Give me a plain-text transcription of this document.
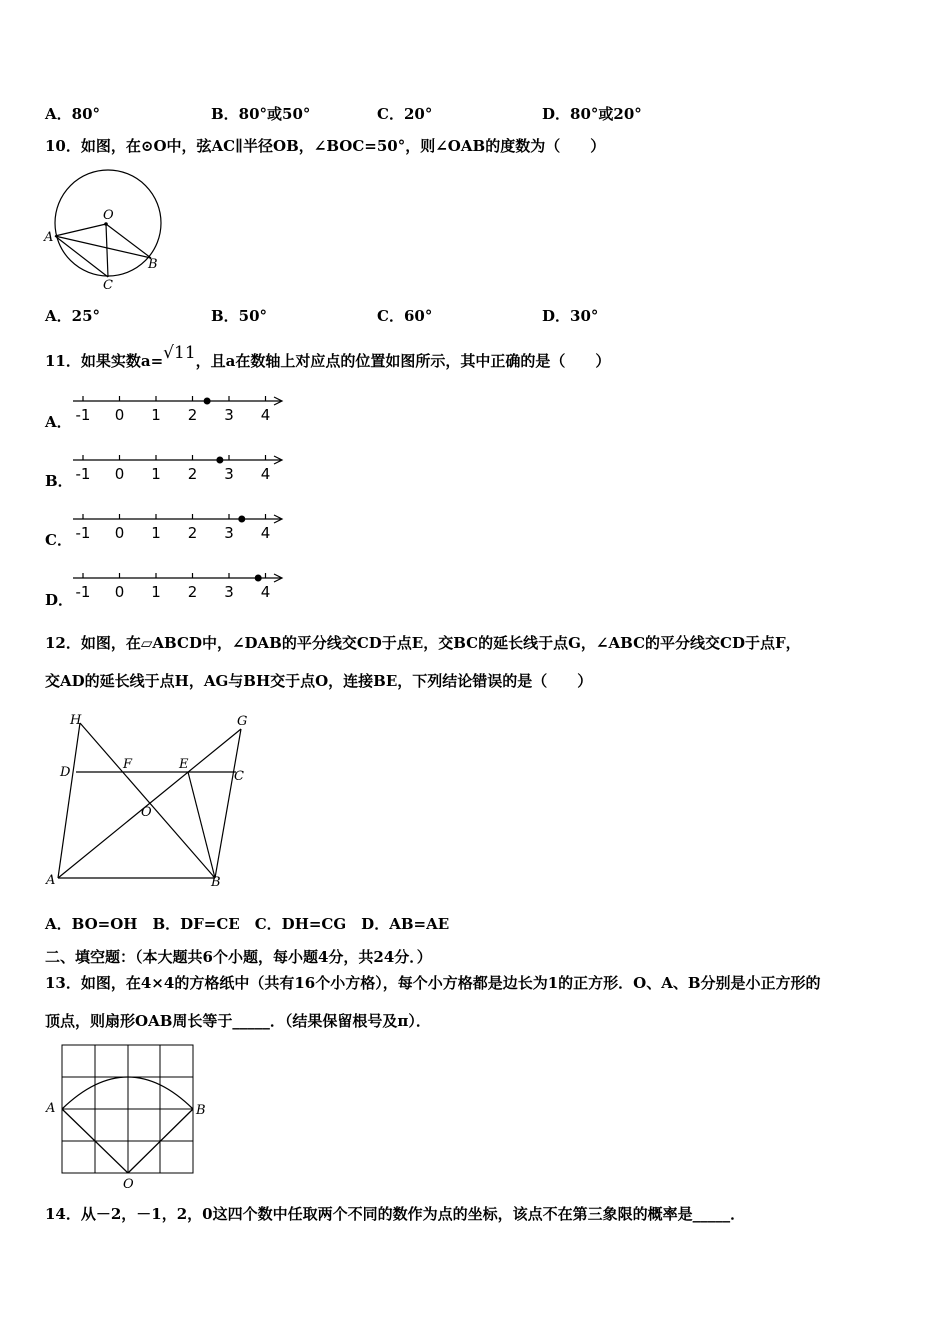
A．80°	B．80°或50°	C．20°	D．80°或20°
10．如图，在⊙O中，弦AC∥半径OB，∠BOC=50°，则∠OAB的度数为（　　）
O
A
B
C
A．25°	B．50°	C．60°	D．30°
11．如果实数a=√11，且a在数轴上对应点的位置如图所示，其中正确的是（　　）
A． -1 0 1 2 3 4
B． -1 0 1 2 3 4
C． -1 0 1 2 3 4
D． -1 0 1 2 3 4
12．如图，在▱ABCD中，∠DAB的平分线交CD于点E，交BC的延长线于点G，∠ABC的平分线交CD于点F，
交AD的延长线于点H，AG与BH交于点O，连接BE，下列结论错误的是（　　）
H	G
D
F	E
C
O
A	B
A．BO=OH　B．DF=CE　C．DH=CG　D．AB=AE
二、填空题：（本大题共6个小题，每小题4分，共24分．）
13．如图，在4×4的方格纸中（共有16个小方格），每个小方格都是边长为1的正方形．O、A、B分别是小正方形的
顶点，则扇形OAB周长等于_____．（结果保留根号及π）．
A	B
O
14．从－2，－1，2，0这四个数中任取两个不同的数作为点的坐标，该点不在第三象限的概率是_____．
